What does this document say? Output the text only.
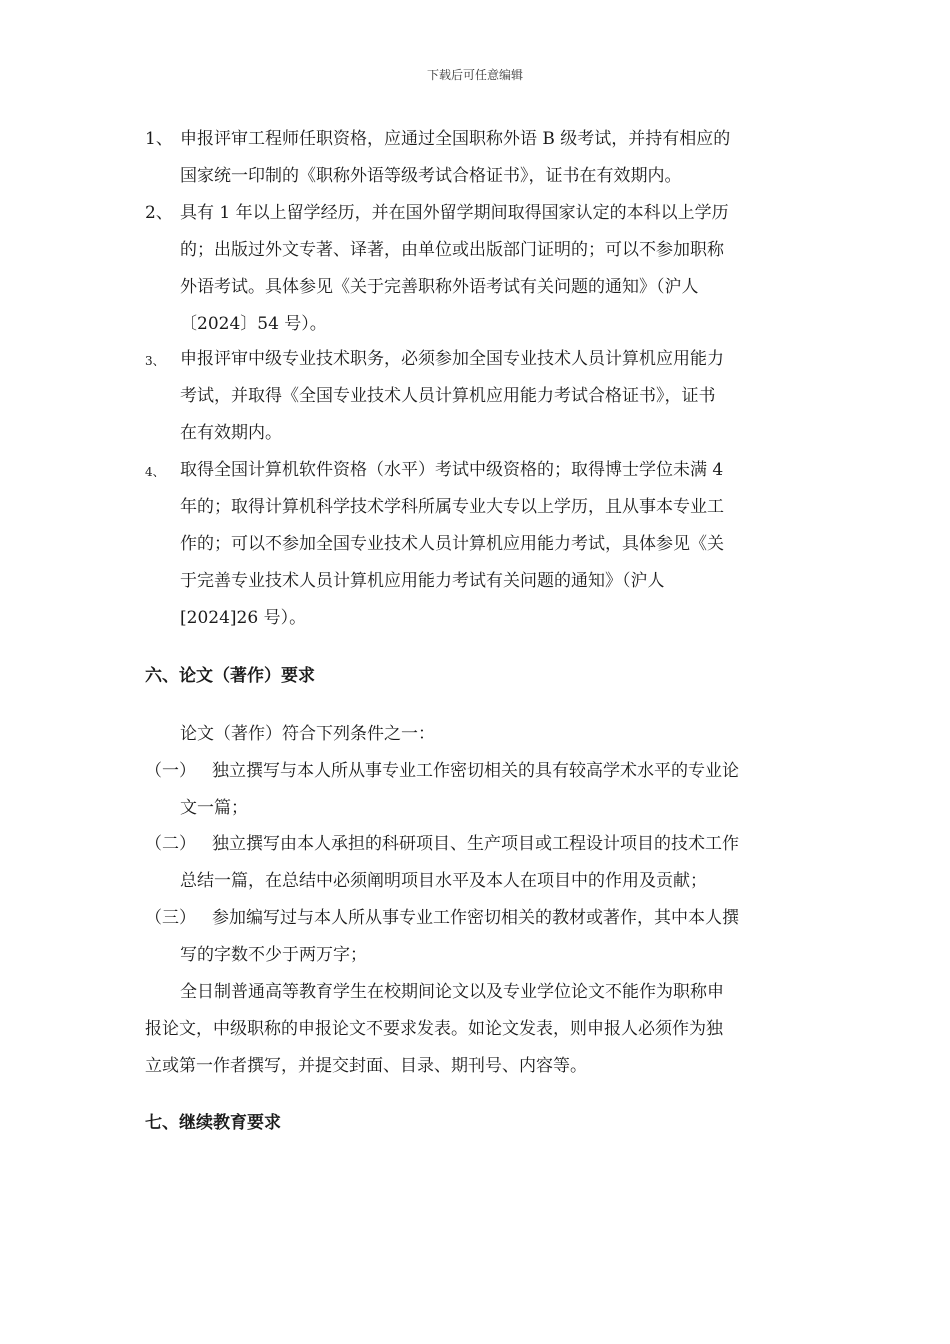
下载后可任意编辑
1、 申报评审工程师任职资格，应通过全国职称外语 B 级考试，并持有相应的
国家统一印制的《职称外语等级考试合格证书》，证书在有效期内。
2、 具有 1 年以上留学经历，并在国外留学期间取得国家认定的本科以上学历
的；出版过外文专著、译著，由单位或出版部门证明的；可以不参加职称
外语考试。具体参见《关于完善职称外语考试有关问题的通知》（沪人
〔2024〕54 号）。
3、 申报评审中级专业技术职务，必须参加全国专业技术人员计算机应用能力
考试，并取得《全国专业技术人员计算机应用能力考试合格证书》，证书
在有效期内。
4、 取得全国计算机软件资格（水平）考试中级资格的；取得博士学位未满 4
年的；取得计算机科学技术学科所属专业大专以上学历，且从事本专业工
作的；可以不参加全国专业技术人员计算机应用能力考试，具体参见《关
于完善专业技术人员计算机应用能力考试有关问题的通知》（沪人
[2024]26 号）。
六、论文（著作）要求
论文（著作）符合下列条件之一：
（一） 独立撰写与本人所从事专业工作密切相关的具有较高学术水平的专业论
文一篇；
（二） 独立撰写由本人承担的科研项目、生产项目或工程设计项目的技术工作
总结一篇，在总结中必须阐明项目水平及本人在项目中的作用及贡献；
（三） 参加编写过与本人所从事专业工作密切相关的教材或著作，其中本人撰
写的字数不少于两万字；
全日制普通高等教育学生在校期间论文以及专业学位论文不能作为职称申
报论文，中级职称的申报论文不要求发表。如论文发表，则申报人必须作为独
立或第一作者撰写，并提交封面、目录、期刊号、内容等。
七、继续教育要求
